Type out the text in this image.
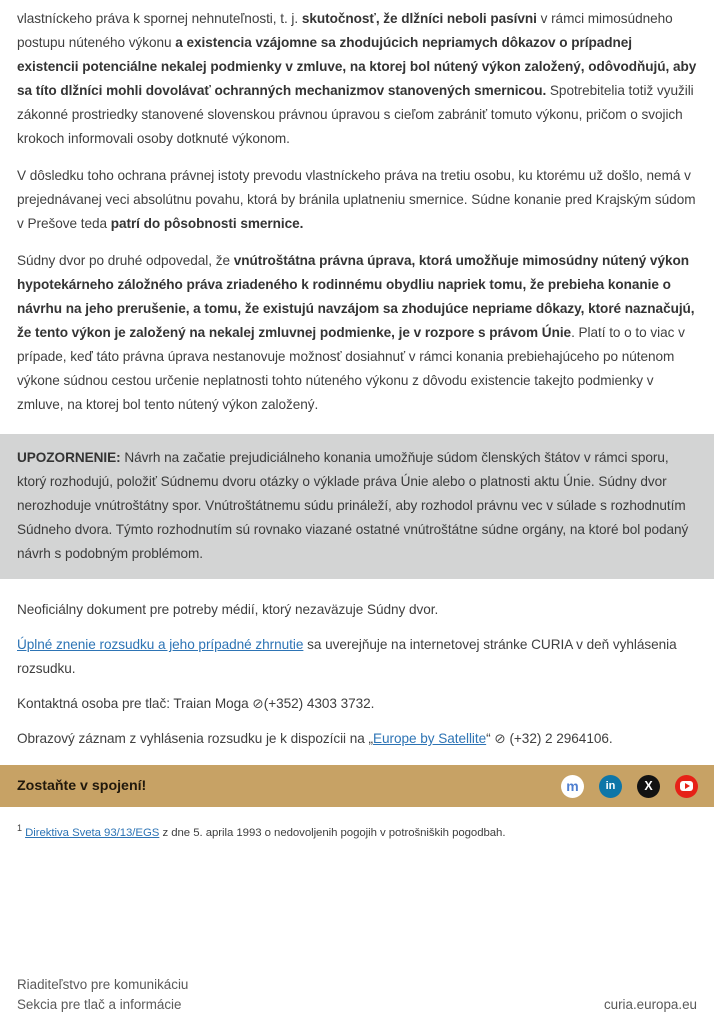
vlastníckeho práva k spornej nehnuteľnosti, t. j. skutočnosť, že dlžníci neboli pasívni v rámci mimosúdneho postupu núteného výkonu a existencia vzájomne sa zhodujúcich nepriamych dôkazov o prípadnej existencii potenciálne nekalej podmienky v zmluve, na ktorej bol nútený výkon založený, odôvodňujú, aby sa títo dlžníci mohli dovolávať ochranných mechanizmov stanovených smernicou. Spotrebitelia totiž využili zákonné prostriedky stanovené slovenskou právnou úpravou s cieľom zabrániť tomuto výkonu, pričom o svojich krokoch informovali osoby dotknuté výkonom.

V dôsledku toho ochrana právnej istoty prevodu vlastníckeho práva na tretiu osobu, ku ktorému už došlo, nemá v prejednávanej veci absolútnu povahu, ktorá by bránila uplatneniu smernice. Súdne konanie pred Krajským súdom v Prešove teda patrí do pôsobnosti smernice.

Súdny dvor po druhé odpovedal, že vnútroštátna právna úprava, ktorá umožňuje mimosúdny nútený výkon hypotekárneho záložného práva zriadeného k rodinnému obydliu napriek tomu, že prebieha konanie o návrhu na jeho prerušenie, a tomu, že existujú navzájom sa zhodujúce nepriame dôkazy, ktoré naznačujú, že tento výkon je založený na nekalej zmluvnej podmienke, je v rozpore s právom Únie. Platí to o to viac v prípade, keď táto právna úprava nestanovuje možnosť dosiahnuť v rámci konania prebiehajúceho po nútenom výkone súdnou cestou určenie neplatnosti tohto núteného výkonu z dôvodu existencie takejto podmienky v zmluve, na ktorej bol tento nútený výkon založený.

UPOZORNENIE: Návrh na začatie prejudiciálneho konania umožňuje súdom členských štátov v rámci sporu, ktorý rozhodujú, položiť Súdnemu dvoru otázky o výklade práva Únie alebo o platnosti aktu Únie. Súdny dvor nerozhoduje vnútroštátny spor. Vnútroštátnemu súdu prináleží, aby rozhodol právnu vec v súlade s rozhodnutím Súdneho dvora. Týmto rozhodnutím sú rovnako viazané ostatné vnútroštátne súdne orgány, na ktoré bol podaný návrh s podobným problémom.

Neoficiálny dokument pre potreby médií, ktorý nezaväzuje Súdny dvor.

Úplné znenie rozsudku a jeho prípadné zhrnutie sa uverejňuje na internetovej stránke CURIA v deň vyhlásenia rozsudku.

Kontaktná osoba pre tlač: Traian Moga ⊘(+352) 4303 3732.

Obrazový záznam z vyhlásenia rozsudku je k dispozícii na „Europe by Satellite“ ⊘ (+32) 2 2964106.

Zostaňte v spojení!	m in X

$^1$ Direktiva Sveta 93/13/EGS z dne 5. aprila 1993 o nedovoljenih pogojih v potrošniških pogodbah.

Riaditeľstvo pre komunikáciu
Sekcia pre tlač a informácie	curia.europa.eu
